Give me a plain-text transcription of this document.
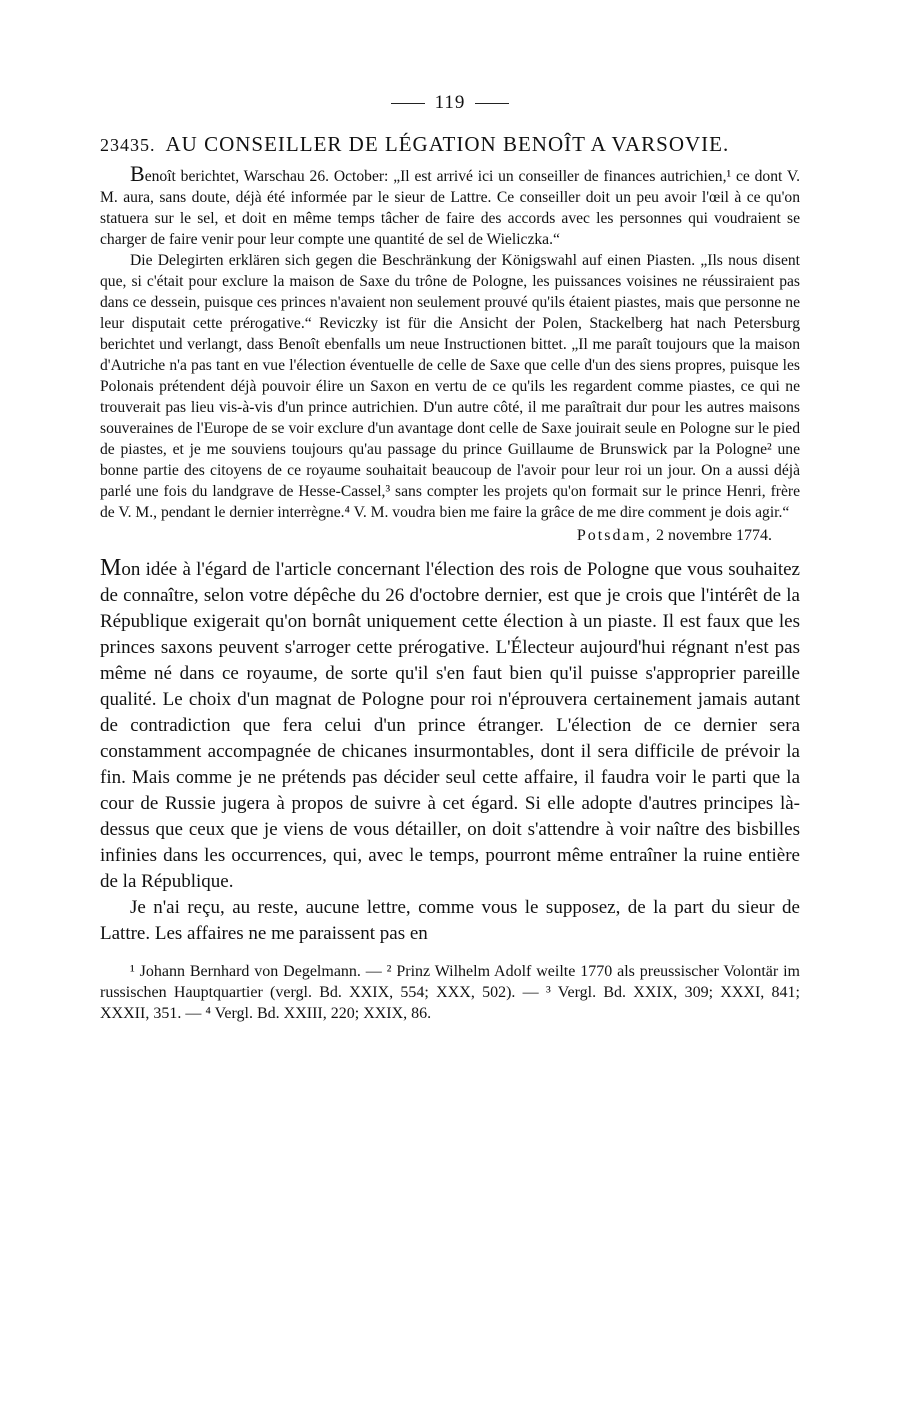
119
23435. AU CONSEILLER DE LÉGATION BENOÎT A VARSOVIE.

Benoît berichtet, Warschau 26. October: „Il est arrivé ici un conseiller de finances autrichien,¹ ce dont V. M. aura, sans doute, déjà été informée par le sieur de Lattre. Ce conseiller doit un peu avoir l'œil à ce qu'on statuera sur le sel, et doit en même temps tâcher de faire des accords avec les personnes qui voudraient se charger de faire venir pour leur compte une quantité de sel de Wieliczka.“

Die Delegirten erklären sich gegen die Beschränkung der Königswahl auf einen Piasten. „Ils nous disent que, si c'était pour exclure la maison de Saxe du trône de Pologne, les puissances voisines ne réussiraient pas dans ce dessein, puisque ces princes n'avaient non seulement prouvé qu'ils étaient piastes, mais que personne ne leur disputait cette prérogative.“ Reviczky ist für die Ansicht der Polen, Stackelberg hat nach Petersburg berichtet und verlangt, dass Benoît ebenfalls um neue Instructionen bittet. „Il me paraît toujours que la maison d'Autriche n'a pas tant en vue l'élection éventuelle de celle de Saxe que celle d'un des siens propres, puisque les Polonais prétendent déjà pouvoir élire un Saxon en vertu de ce qu'ils les regardent comme piastes, ce qui ne trouverait pas lieu vis-à-vis d'un prince autrichien. D'un autre côté, il me paraîtrait dur pour les autres maisons souveraines de l'Europe de se voir exclure d'un avantage dont celle de Saxe jouirait seule en Pologne sur le pied de piastes, et je me souviens toujours qu'au passage du prince Guillaume de Brunswick par la Pologne² une bonne partie des citoyens de ce royaume souhaitait beaucoup de l'avoir pour leur roi un jour. On a aussi déjà parlé une fois du landgrave de Hesse-Cassel,³ sans compter les projets qu'on formait sur le prince Henri, frère de V. M., pendant le dernier interrègne.⁴ V. M. voudra bien me faire la grâce de me dire comment je dois agir.“

Potsdam, 2 novembre 1774.

Mon idée à l'égard de l'article concernant l'élection des rois de Pologne que vous souhaitez de connaître, selon votre dépêche du 26 d'octobre dernier, est que je crois que l'intérêt de la République exigerait qu'on bornât uniquement cette élection à un piaste. Il est faux que les princes saxons peuvent s'arroger cette prérogative. L'Électeur aujourd'hui régnant n'est pas même né dans ce royaume, de sorte qu'il s'en faut bien qu'il puisse s'approprier pareille qualité. Le choix d'un magnat de Pologne pour roi n'éprouvera certainement jamais autant de contradiction que fera celui d'un prince étranger. L'élection de ce dernier sera constamment accompagnée de chicanes insurmontables, dont il sera difficile de prévoir la fin. Mais comme je ne prétends pas décider seul cette affaire, il faudra voir le parti que la cour de Russie jugera à propos de suivre à cet égard. Si elle adopte d'autres principes là-dessus que ceux que je viens de vous détailler, on doit s'attendre à voir naître des bisbilles infinies dans les occurrences, qui, avec le temps, pourront même entraîner la ruine entière de la République.

Je n'ai reçu, au reste, aucune lettre, comme vous le supposez, de la part du sieur de Lattre. Les affaires ne me paraissent pas en

¹ Johann Bernhard von Degelmann. — ² Prinz Wilhelm Adolf weilte 1770 als preussischer Volontär im russischen Hauptquartier (vergl. Bd. XXIX, 554; XXX, 502). — ³ Vergl. Bd. XXIX, 309; XXXI, 841; XXXII, 351. — ⁴ Vergl. Bd. XXIII, 220; XXIX, 86.
